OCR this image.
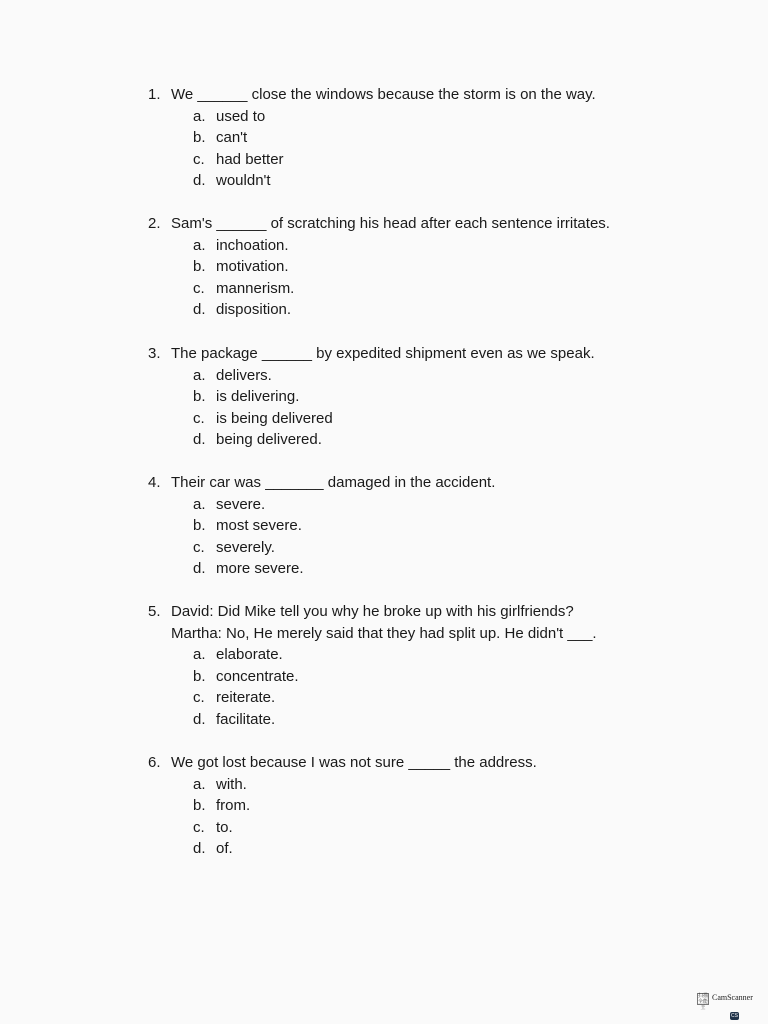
1. We ______ close the windows because the storm is on the way.
a. used to
b. can't
c. had better
d. wouldn't
2. Sam's ______ of scratching his head after each sentence irritates.
a. inchoation.
b. motivation.
c. mannerism.
d. disposition.
3. The package ______ by expedited shipment even as we speak.
a. delivers.
b. is delivering.
c. is being delivered
d. being delivered.
4. Their car was _______ damaged in the accident.
a. severe.
b. most severe.
c. severely.
d. more severe.
5. David: Did Mike tell you why he broke up with his girlfriends?
Martha: No, He merely said that they had split up. He didn't ___.
a. elaborate.
b. concentrate.
c. reiterate.
d. facilitate.
6. We got lost because I was not sure _____ the address.
a. with.
b. from.
c. to.
d. of.
扫描全能王
CamScanner
CS
